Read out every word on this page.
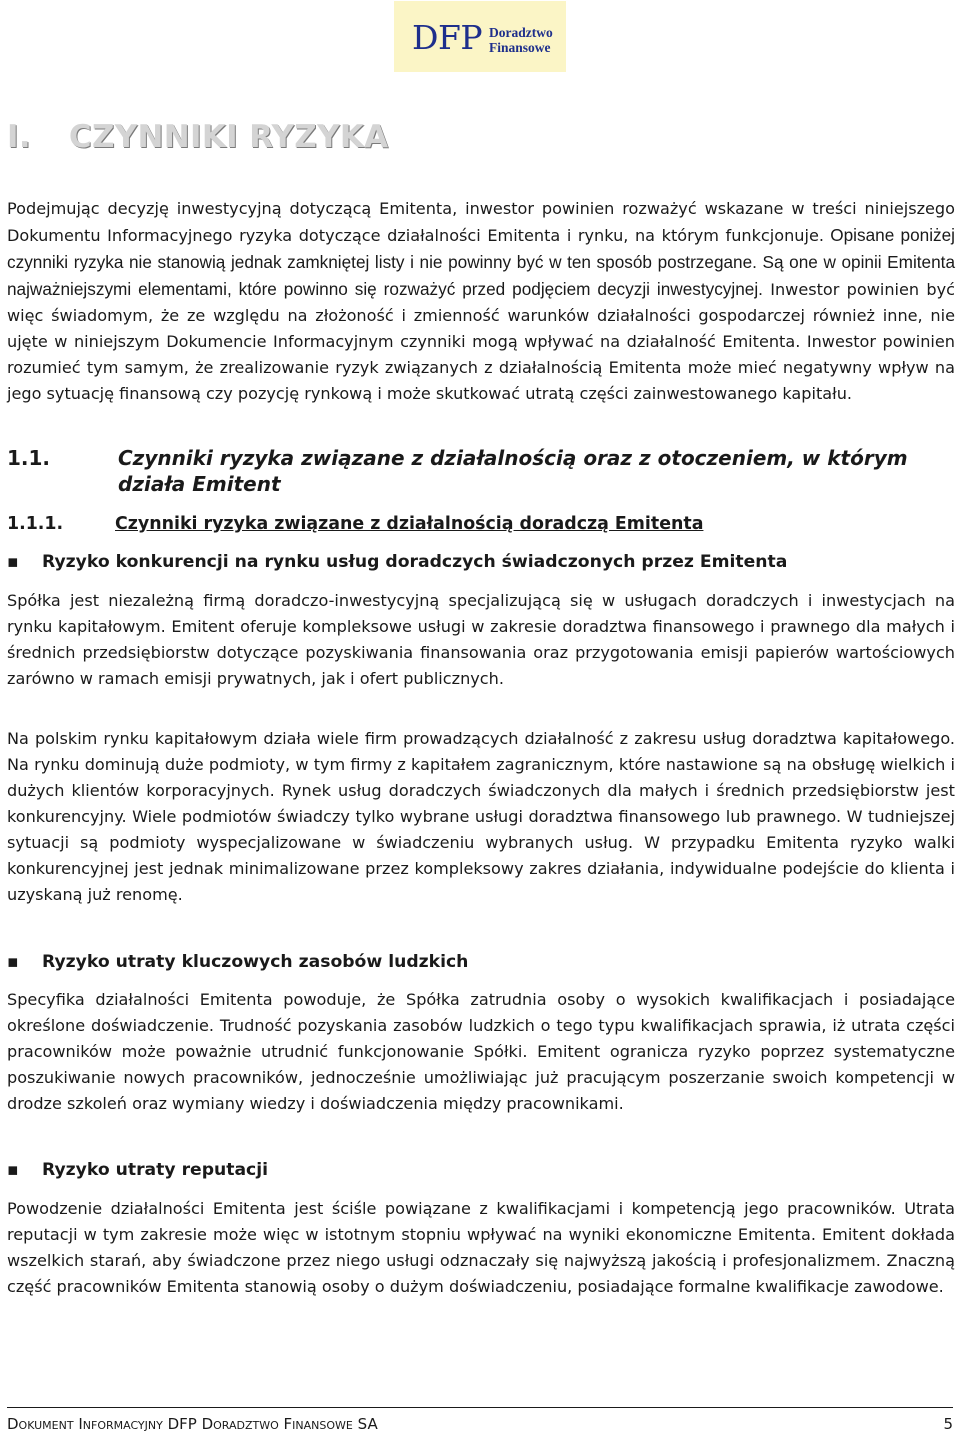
DFP Doradztwo
Finansowe
I. CZYNNIKI RYZYKA

Podejmując decyzję inwestycyjną dotyczącą Emitenta, inwestor powinien rozważyć wskazane w treści niniejszego Dokumentu Informacyjnego ryzyka dotyczące działalności Emitenta i rynku, na którym funkcjonuje. Opisane poniżej czynniki ryzyka nie stanowią jednak zamkniętej listy i nie powinny być w ten sposób postrzegane. Są one w opinii Emitenta najważniejszymi elementami, które powinno się rozważyć przed podjęciem decyzji inwestycyjnej. Inwestor powinien być więc świadomym, że ze względu na złożoność i zmienność warunków działalności gospodarczej również inne, nie ujęte w niniejszym Dokumencie Informacyjnym czynniki mogą wpływać na działalność Emitenta. Inwestor powinien rozumieć tym samym, że zrealizowanie ryzyk związanych z działalnością Emitenta może mieć negatywny wpływ na jego sytuację finansową czy pozycję rynkową i może skutkować utratą części zainwestowanego kapitału.

1.1.	Czynniki ryzyka związane z działalnością oraz z otoczeniem, w którym działa Emitent
1.1.1.	Czynniki ryzyka związane z działalnością doradczą Emitenta

▪ Ryzyko konkurencji na rynku usług doradczych świadczonych przez Emitenta

Spółka jest niezależną firmą doradczo-inwestycyjną specjalizującą się w usługach doradczych i inwestycjach na rynku kapitałowym. Emitent oferuje kompleksowe usługi w zakresie doradztwa finansowego i prawnego dla małych i średnich przedsiębiorstw dotyczące pozyskiwania finansowania oraz przygotowania emisji papierów wartościowych zarówno w ramach emisji prywatnych, jak i ofert publicznych.

Na polskim rynku kapitałowym działa wiele firm prowadzących działalność z zakresu usług doradztwa kapitałowego. Na rynku dominują duże podmioty, w tym firmy z kapitałem zagranicznym, które nastawione są na obsługę wielkich i dużych klientów korporacyjnych. Rynek usług doradczych świadczonych dla małych i średnich przedsiębiorstw jest konkurencyjny. Wiele podmiotów świadczy tylko wybrane usługi doradztwa finansowego lub prawnego. W tudniejszej sytuacji są podmioty wyspecjalizowane w świadczeniu wybranych usług. W przypadku Emitenta ryzyko walki konkurencyjnej jest jednak minimalizowane przez kompleksowy zakres działania, indywidualne podejście do klienta i uzyskaną już renomę.

▪ Ryzyko utraty kluczowych zasobów ludzkich

Specyfika działalności Emitenta powoduje, że Spółka zatrudnia osoby o wysokich kwalifikacjach i posiadające określone doświadczenie. Trudność pozyskania zasobów ludzkich o tego typu kwalifikacjach sprawia, iż utrata części pracowników może poważnie utrudnić funkcjonowanie Spółki. Emitent ogranicza ryzyko poprzez systematyczne poszukiwanie nowych pracowników, jednocześnie umożliwiając już pracującym poszerzanie swoich kompetencji w drodze szkoleń oraz wymiany wiedzy i doświadczenia między pracownikami.

▪ Ryzyko utraty reputacji

Powodzenie działalności Emitenta jest ściśle powiązane z kwalifikacjami i kompetencją jego pracowników. Utrata reputacji w tym zakresie może więc w istotnym stopniu wpływać na wyniki ekonomiczne Emitenta. Emitent dokłada wszelkich starań, aby świadczone przez niego usługi odznaczały się najwyższą jakością i profesjonalizmem. Znaczną część pracowników Emitenta stanowią osoby o dużym doświadczeniu, posiadające formalne kwalifikacje zawodowe.

Dokument Informacyjny DFP Doradztwo Finansowe SA	5
